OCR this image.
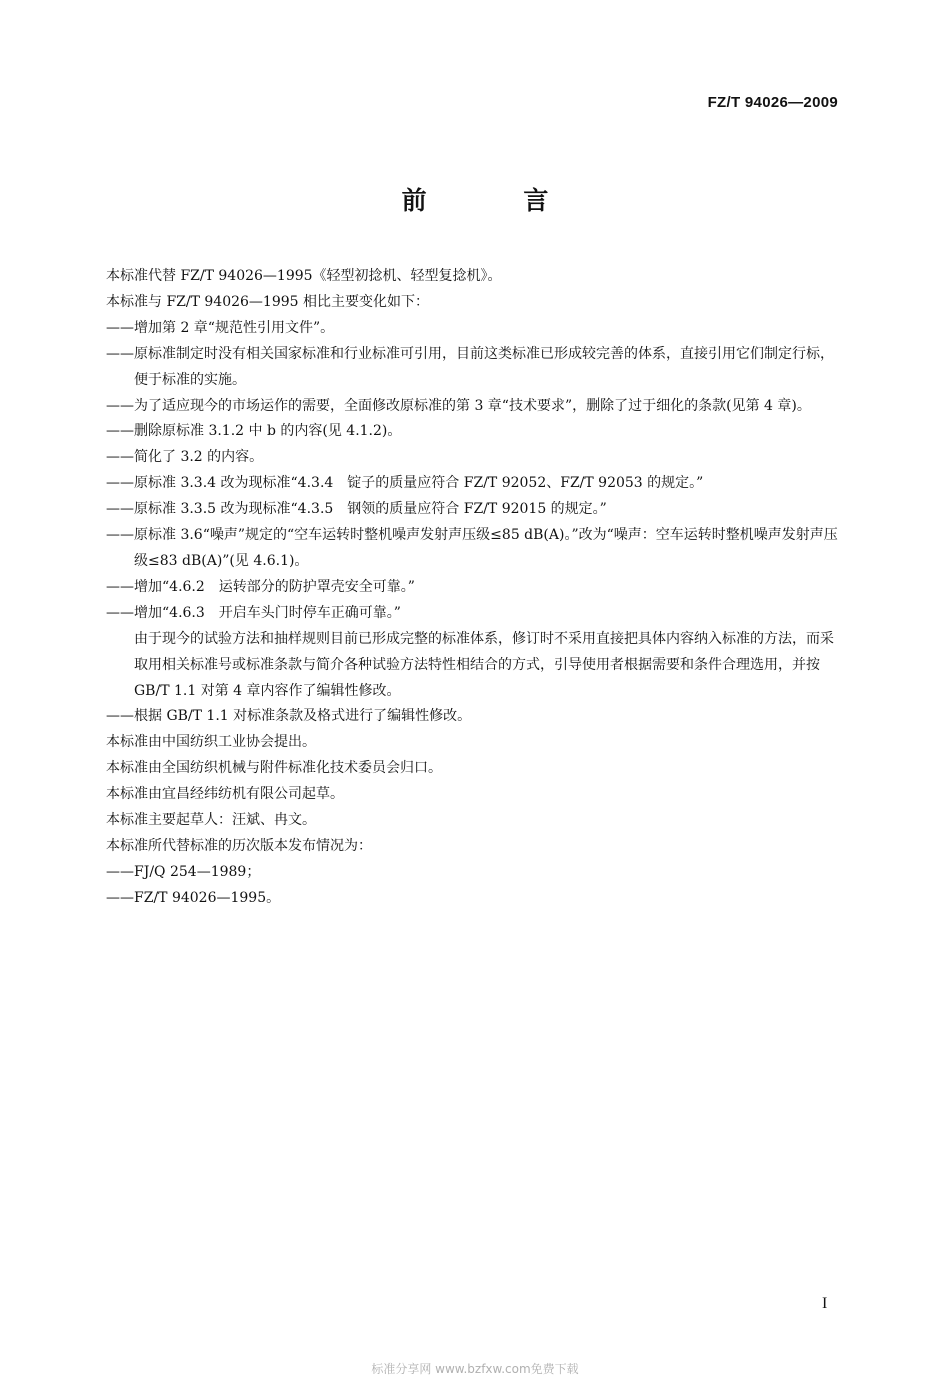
FZ/T 94026—2009
前 言
本标准代替 FZ/T 94026—1995《轻型初捻机、轻型复捻机》。
本标准与 FZ/T 94026—1995 相比主要变化如下：
—— 增加第 2 章“规范性引用文件”。
—— 原标准制定时没有相关国家标准和行业标准可引用，目前这类标准已形成较完善的体系，直接引用它们制定行标，便于标准的实施。
—— 为了适应现今的市场运作的需要，全面修改原标准的第 3 章“技术要求”，删除了过于细化的条款(见第 4 章)。
—— 删除原标准 3.1.2 中 b 的内容(见 4.1.2)。
—— 简化了 3.2 的内容。
—— 原标准 3.3.4 改为现标准“4.3.4　锭子的质量应符合 FZ/T 92052、FZ/T 92053 的规定。”
—— 原标准 3.3.5 改为现标准“4.3.5　钢领的质量应符合 FZ/T 92015 的规定。”
—— 原标准 3.6“噪声”规定的“空车运转时整机噪声发射声压级≤85 dB(A)。”改为“噪声：空车运转时整机噪声发射声压级≤83 dB(A)”(见 4.6.1)。
—— 增加“4.6.2　运转部分的防护罩壳安全可靠。”
—— 增加“4.6.3　开启车头门时停车正确可靠。”
由于现今的试验方法和抽样规则目前已形成完整的标准体系，修订时不采用直接把具体内容纳入标准的方法，而采取用相关标准号或标准条款与简介各种试验方法特性相结合的方式，引导使用者根据需要和条件合理选用，并按 GB/T 1.1 对第 4 章内容作了编辑性修改。
—— 根据 GB/T 1.1 对标准条款及格式进行了编辑性修改。
本标准由中国纺织工业协会提出。
本标准由全国纺织机械与附件标准化技术委员会归口。
本标准由宜昌经纬纺机有限公司起草。
本标准主要起草人：汪斌、冉文。
本标准所代替标准的历次版本发布情况为：
—— FJ/Q 254—1989；
—— FZ/T 94026—1995。
I
标准分享网 www.bzfxw.com免费下载
